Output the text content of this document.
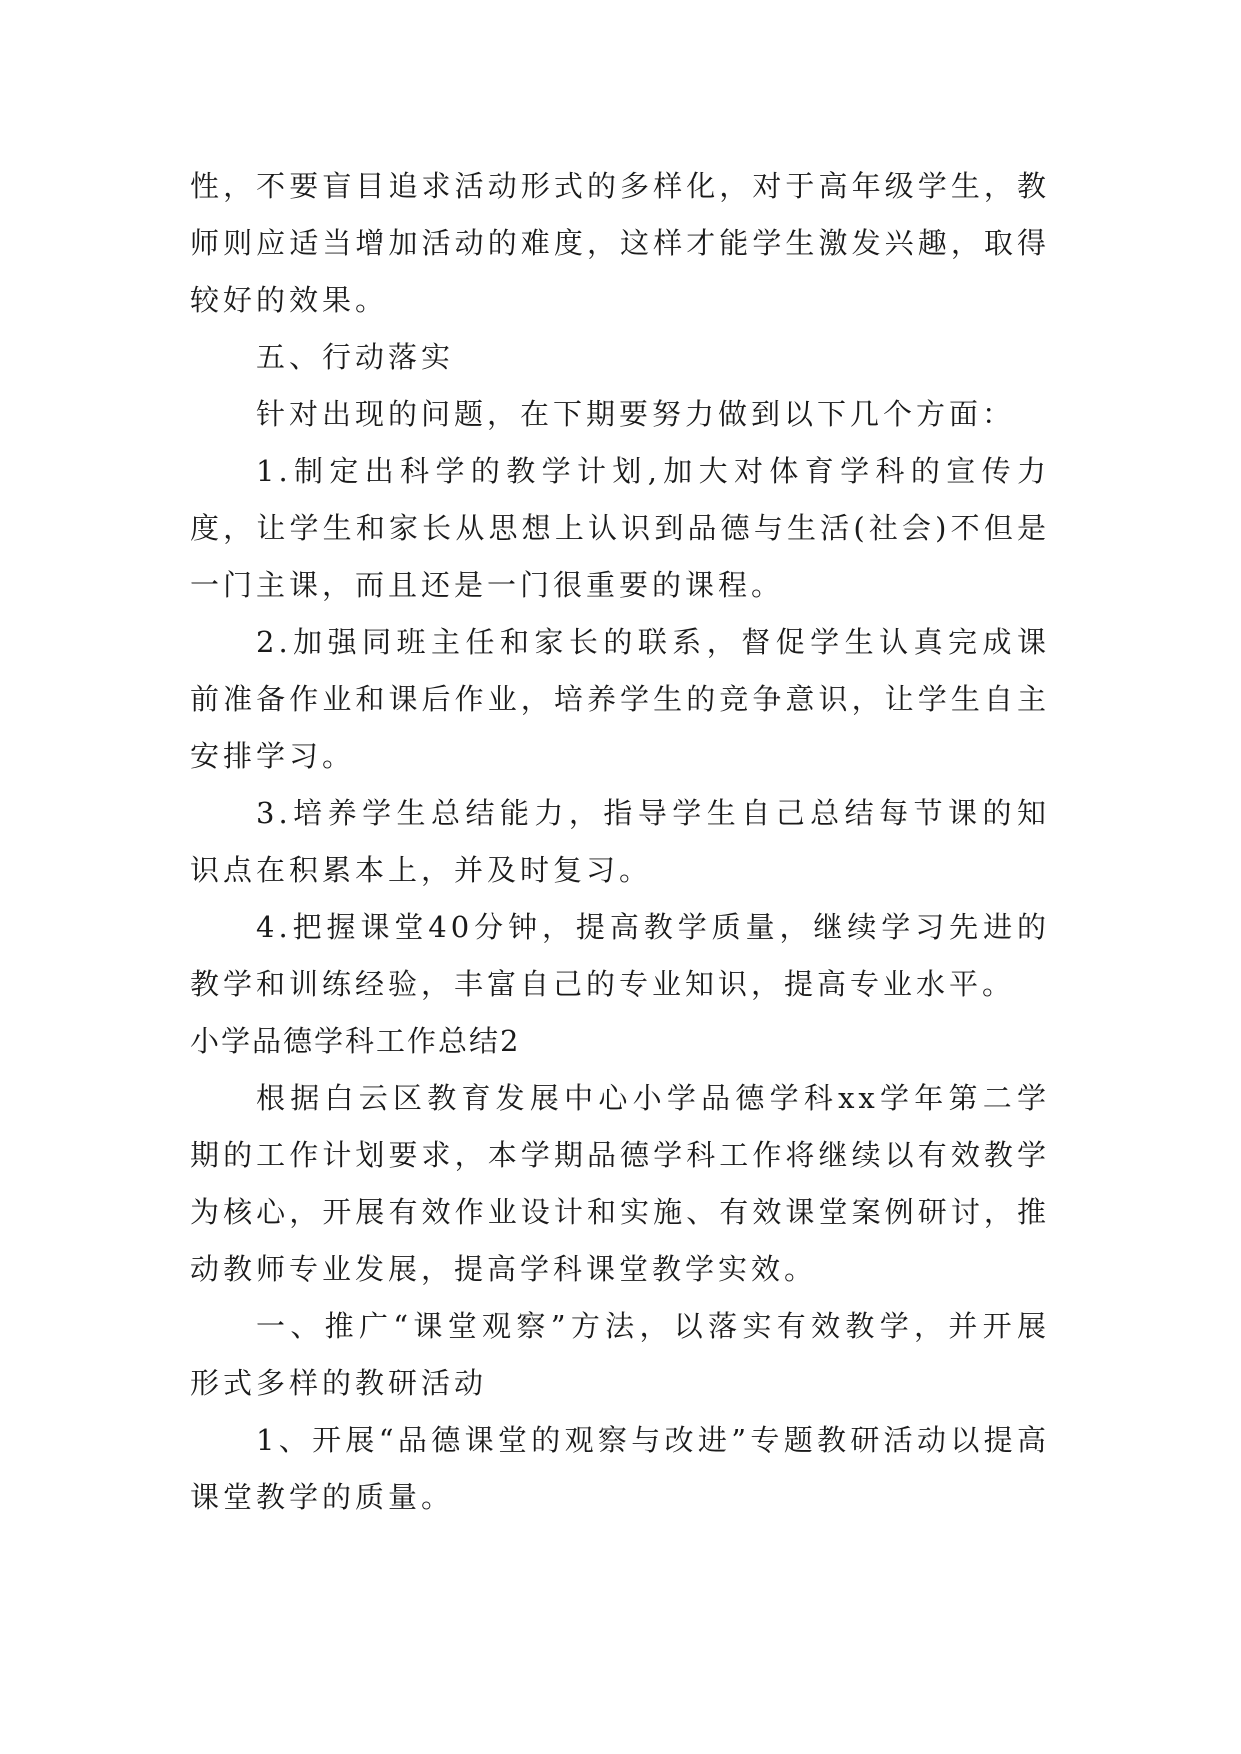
性，不要盲目追求活动形式的多样化，对于高年级学生，教师则应适当增加活动的难度，这样才能学生激发兴趣，取得较好的效果。

五、行动落实

针对出现的问题，在下期要努力做到以下几个方面：

1.制定出科学的教学计划,加大对体育学科的宣传力度，让学生和家长从思想上认识到品德与生活(社会)不但是一门主课，而且还是一门很重要的课程。

2.加强同班主任和家长的联系，督促学生认真完成课前准备作业和课后作业，培养学生的竞争意识，让学生自主安排学习。

3.培养学生总结能力，指导学生自己总结每节课的知识点在积累本上，并及时复习。

4.把握课堂40分钟，提高教学质量，继续学习先进的教学和训练经验，丰富自己的专业知识，提高专业水平。

小学品德学科工作总结2

根据白云区教育发展中心小学品德学科xx学年第二学期的工作计划要求，本学期品德学科工作将继续以有效教学为核心，开展有效作业设计和实施、有效课堂案例研讨，推动教师专业发展，提高学科课堂教学实效。

一、推广“课堂观察”方法，以落实有效教学，并开展形式多样的教研活动

1、开展“品德课堂的观察与改进”专题教研活动以提高课堂教学的质量。
